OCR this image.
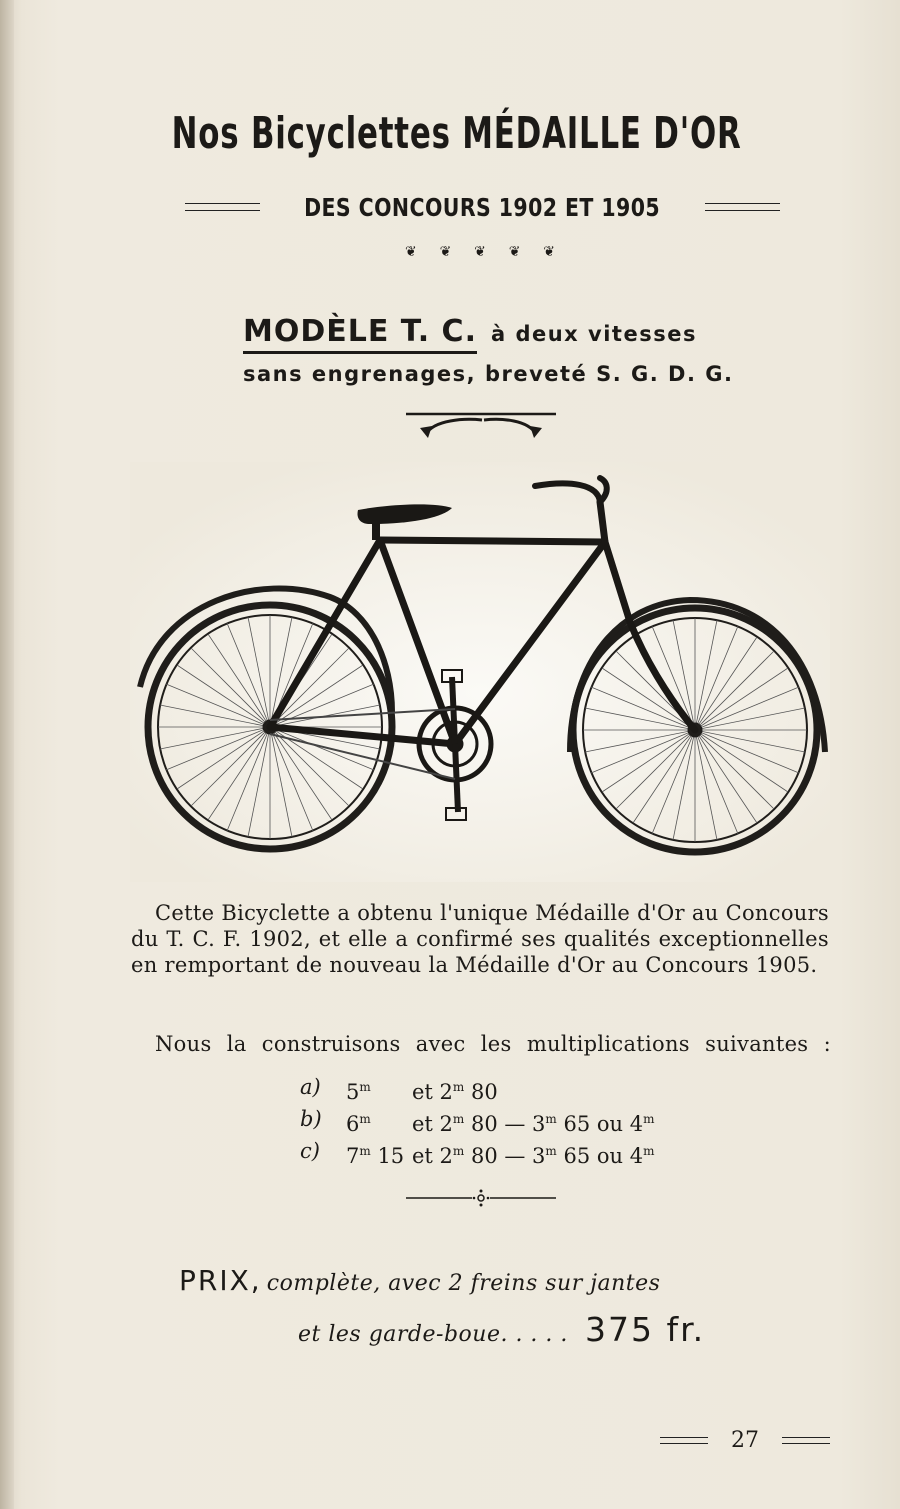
Nos Bicyclettes MÉDAILLE D'OR
DES CONCOURS 1902 ET 1905
❦ ❦ ❦ ❦ ❦
MODÈLE T. C. à deux vitesses
sans engrenages, breveté S. G. D. G.
Cette Bicyclette a obtenu l'unique Médaille d'Or au Concours du T. C. F. 1902, et elle a confirmé ses qualités exceptionnelles en remportant de nouveau la Médaille d'Or au Concours 1905.
Nous la construisons avec les multiplications suivantes :
a)	5$^m$	et 2$^m$ 80
b)	6$^m$	et 2$^m$ 80 — 3$^m$ 65 ou 4$^m$
c)	7$^m$ 15 et 2$^m$ 80 — 3$^m$ 65 ou 4$^m$
PRIX, complète, avec 2 freins sur jantes
et les garde-boue. . . . . 375 fr.
27
